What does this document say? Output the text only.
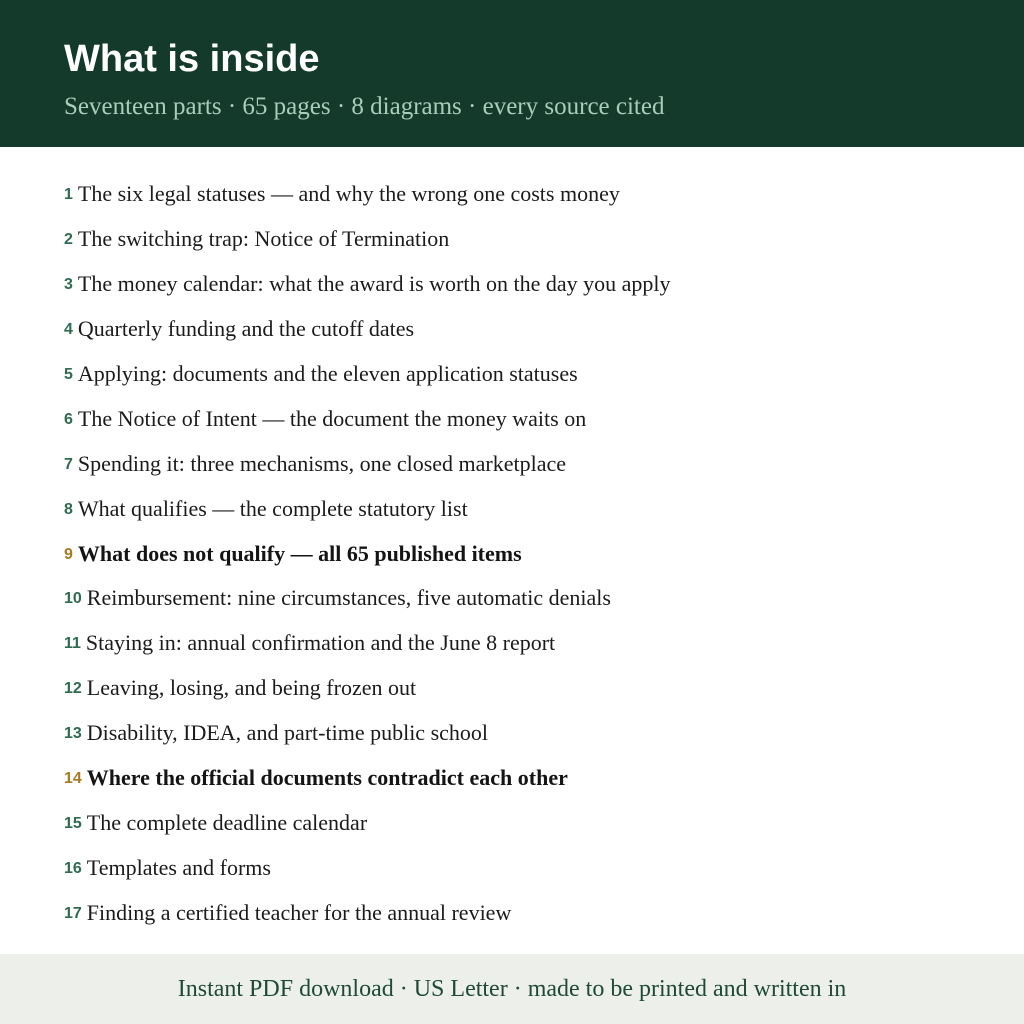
What is inside

Seventeen parts · 65 pages · 8 diagrams · every source cited

1 The six legal statuses — and why the wrong one costs money
2 The switching trap: Notice of Termination
3 The money calendar: what the award is worth on the day you apply
4 Quarterly funding and the cutoff dates
5 Applying: documents and the eleven application statuses
6 The Notice of Intent — the document the money waits on
7 Spending it: three mechanisms, one closed marketplace
8 What qualifies — the complete statutory list
9 What does not qualify — all 65 published items
10 Reimbursement: nine circumstances, five automatic denials
11 Staying in: annual confirmation and the June 8 report
12 Leaving, losing, and being frozen out
13 Disability, IDEA, and part-time public school
14 Where the official documents contradict each other
15 The complete deadline calendar
16 Templates and forms
17 Finding a certified teacher for the annual review
Instant PDF download · US Letter · made to be printed and written in
